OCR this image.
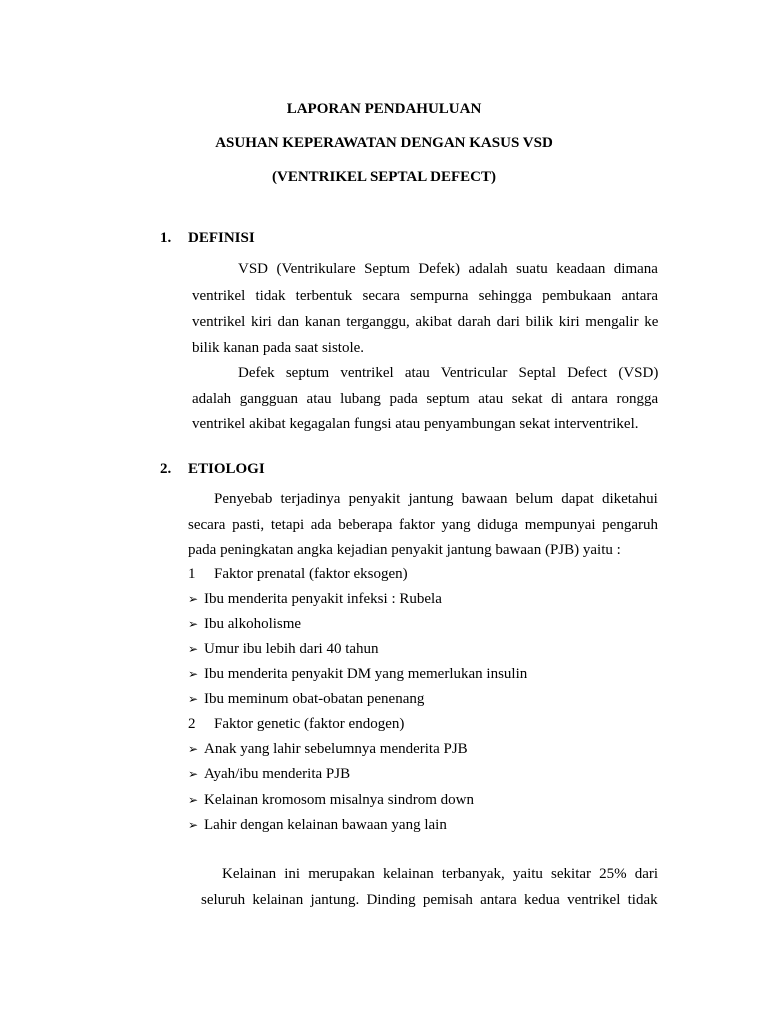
LAPORAN PENDAHULUAN
ASUHAN KEPERAWATAN DENGAN KASUS VSD
(VENTRIKEL SEPTAL DEFECT)
1. DEFINISI
VSD (Ventrikulare Septum Defek) adalah suatu keadaan dimana
ventrikel tidak terbentuk secara sempurna sehingga pembukaan antara
ventrikel kiri dan kanan terganggu, akibat darah dari bilik kiri mengalir ke
bilik kanan pada saat sistole.
Defek septum ventrikel atau Ventricular Septal Defect (VSD)
adalah gangguan atau lubang pada septum atau sekat di antara rongga
ventrikel akibat kegagalan fungsi atau penyambungan sekat interventrikel.
2. ETIOLOGI
Penyebab terjadinya penyakit jantung bawaan belum dapat diketahui
secara pasti, tetapi ada beberapa faktor yang diduga mempunyai pengaruh
pada peningkatan angka kejadian penyakit jantung bawaan (PJB) yaitu :
1 Faktor prenatal (faktor eksogen)
➢ Ibu menderita penyakit infeksi : Rubela
➢ Ibu alkoholisme
➢ Umur ibu lebih dari 40 tahun
➢ Ibu menderita penyakit DM yang memerlukan insulin
➢ Ibu meminum obat-obatan penenang
2 Faktor genetic (faktor endogen)
➢ Anak yang lahir sebelumnya menderita PJB
➢ Ayah/ibu menderita PJB
➢ Kelainan kromosom misalnya sindrom down
➢ Lahir dengan kelainan bawaan yang lain
Kelainan ini merupakan kelainan terbanyak, yaitu sekitar 25% dari
seluruh kelainan jantung. Dinding pemisah antara kedua ventrikel tidak
